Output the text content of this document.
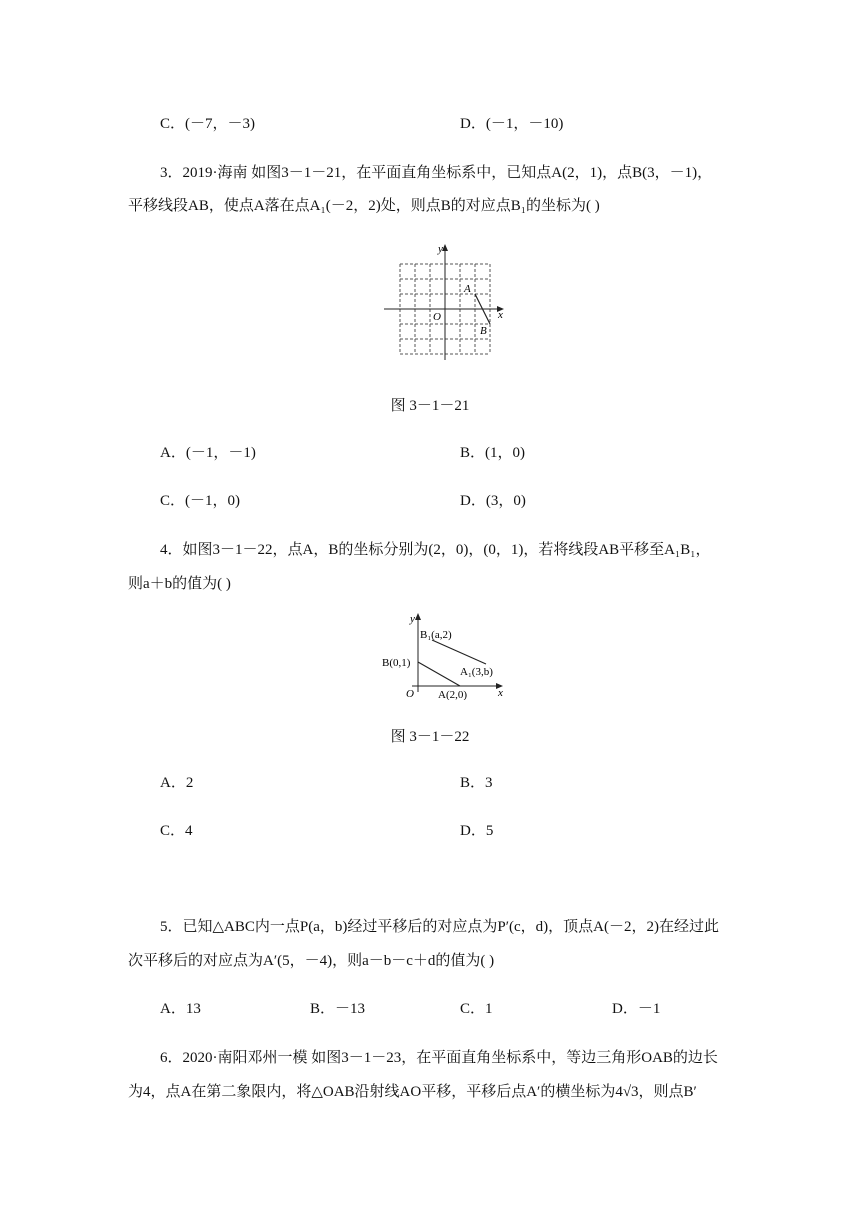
C．(－7，－3)	D．(－1，－10)
3．2019·海南 如图3－1－21，在平面直角坐标系中，已知点A(2，1)，点B(3，－1)，
平移线段AB，使点A落在点A₁(－2，2)处，则点B的对应点B₁的坐标为( )
y
x
O
A
B
图 3－1－21
A．(－1，－1)	B．(1，0)
C．(－1，0)	D．(3，0)
4．如图3－1－22，点A，B的坐标分别为(2，0)，(0，1)，若将线段AB平移至A₁B₁，
则a＋b的值为( )
y
x
O
B₁(a,2)
A₁(3,b)
B(0,1)
A(2,0)
图 3－1－22
A．2	B．3
C．4	D．5
5．已知△ABC内一点P(a，b)经过平移后的对应点为P′(c，d)，顶点A(－2，2)在经过此
次平移后的对应点为A′(5，－4)，则a－b－c＋d的值为( )
A．13	B．－13	C．1	D．－1
6．2020·南阳邓州一模 如图3－1－23，在平面直角坐标系中，等边三角形OAB的边长
为4，点A在第二象限内，将△OAB沿射线AO平移，平移后点A′的横坐标为4√3，则点B′
